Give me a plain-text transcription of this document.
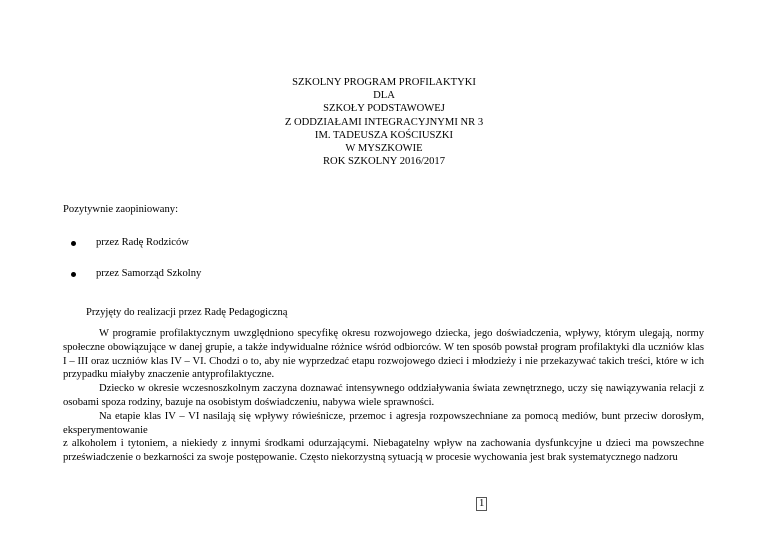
SZKOLNY PROGRAM PROFILAKTYKI
DLA
SZKOŁY PODSTAWOWEJ
Z ODDZIAŁAMI INTEGRACYJNYMI NR 3
IM. TADEUSZA KOŚCIUSZKI
W MYSZKOWIE
ROK SZKOLNY 2016/2017
Pozytywnie zaopiniowany:
przez Radę Rodziców
przez Samorząd Szkolny
Przyjęty do realizacji przez Radę Pedagogiczną

W programie profilaktycznym uwzględniono specyfikę okresu rozwojowego dziecka, jego doświadczenia, wpływy, którym ulegają, normy społeczne obowiązujące w danej grupie, a także indywidualne różnice wśród odbiorców. W ten sposób powstał program profilaktyki dla uczniów klas I – III oraz uczniów klas IV – VI. Chodzi o to, aby nie wyprzedzać etapu rozwojowego dzieci i młodzieży i nie przekazywać takich treści, które w ich przypadku miałyby znaczenie antyprofilaktyczne.

Dziecko w okresie wczesnoszkolnym zaczyna doznawać intensywnego oddziaływania świata zewnętrznego, uczy się nawiązywania relacji z osobami spoza rodziny, bazuje na osobistym doświadczeniu, nabywa wiele sprawności.

Na etapie klas IV – VI nasilają się wpływy rówieśnicze, przemoc i agresja rozpowszechniane za pomocą mediów, bunt przeciw dorosłym, eksperymentowanie

z alkoholem i tytoniem, a niekiedy z innymi środkami odurzającymi. Niebagatelny wpływ na zachowania dysfunkcyjne u dzieci ma powszechne przeświadczenie o bezkarności za swoje postępowanie. Często niekorzystną sytuacją w procesie wychowania jest brak systematycznego nadzoru

1
